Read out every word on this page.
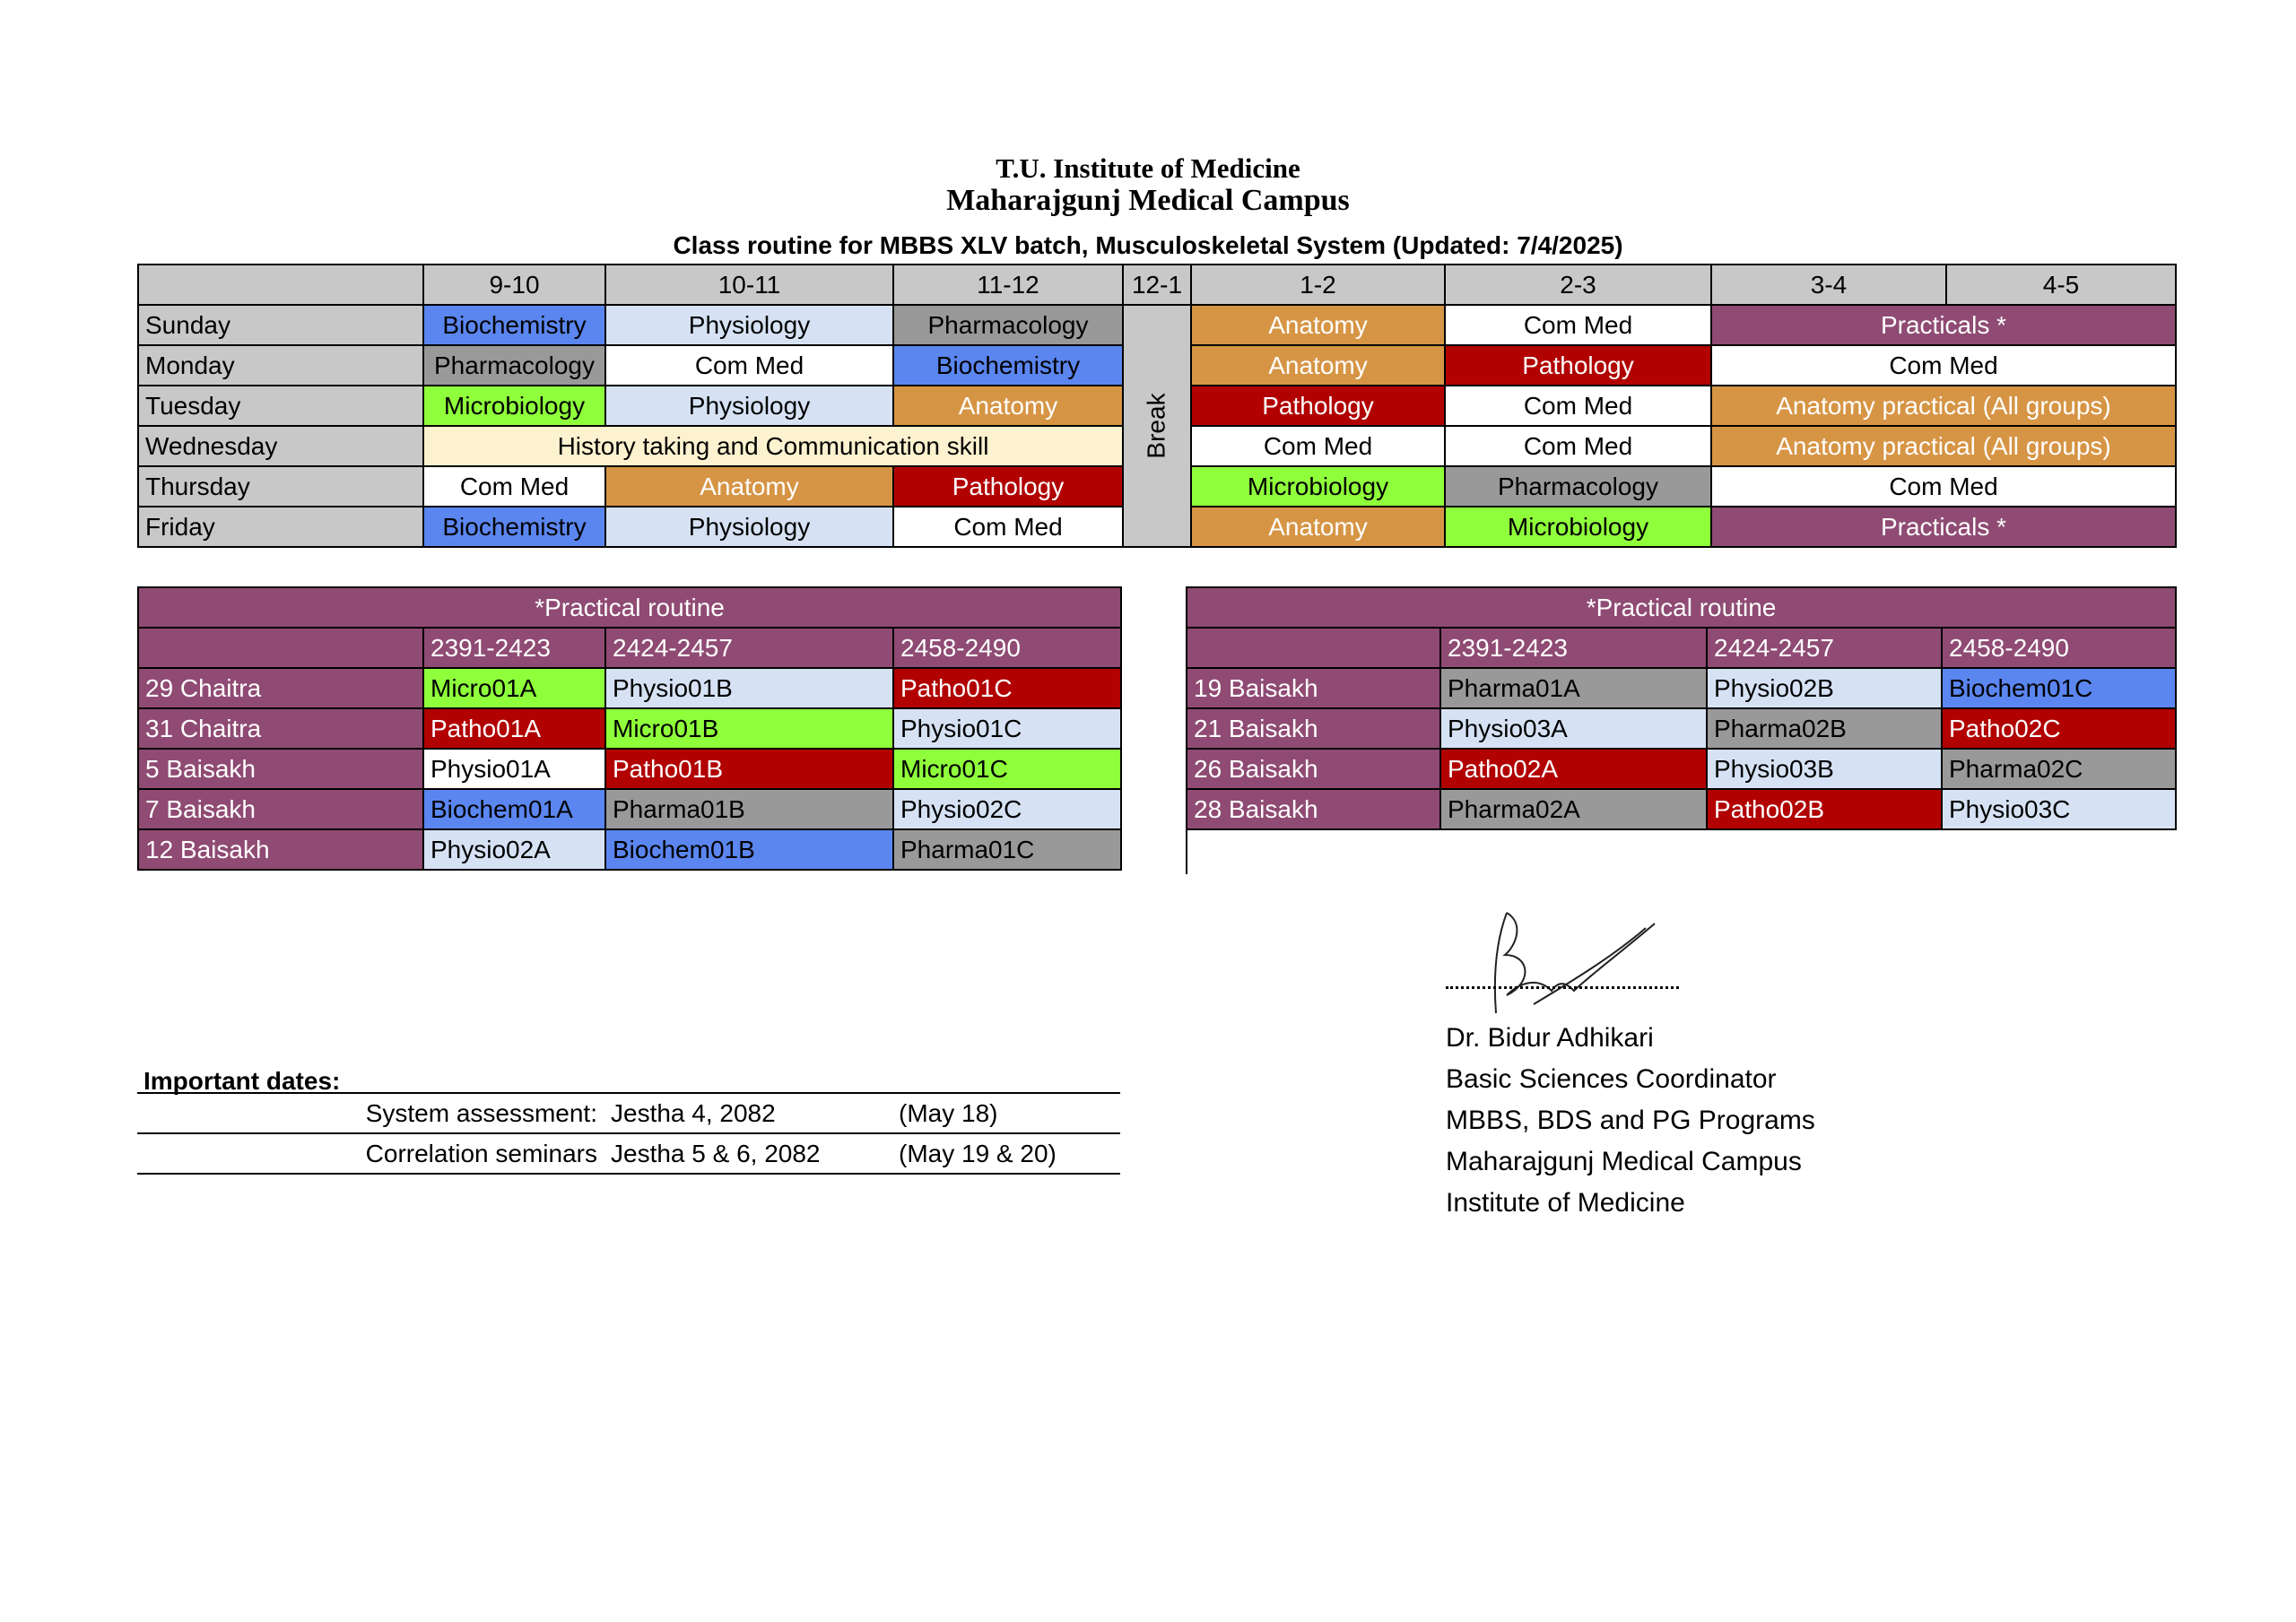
T.U. Institute of Medicine
Maharajgunj Medical Campus
Class routine for MBBS XLV batch, Musculoskeletal System (Updated: 7/4/2025)
	9-10	10-11	11-12	12-1	1-2	2-3	3-4	4-5
Sunday	Biochemistry	Physiology	Pharmacology	Break	Anatomy	Com Med	Practicals *	
Monday	Pharmacology	Com Med	Biochemistry		Anatomy	Pathology	Com Med	
Tuesday	Microbiology	Physiology	Anatomy		Pathology	Com Med	Anatomy practical (All groups)	
Wednesday	History taking and Communication skill				Com Med	Com Med	Anatomy practical (All groups)	
Thursday	Com Med	Anatomy	Pathology		Microbiology	Pharmacology	Com Med	
Friday	Biochemistry	Physiology	Com Med		Anatomy	Microbiology	Practicals *	
*Practical routine			
	2391-2423	2424-2457	2458-2490
29 Chaitra	Micro01A	Physio01B	Patho01C
31 Chaitra	Patho01A	Micro01B	Physio01C
5 Baisakh	Physio01A	Patho01B	Micro01C
7 Baisakh	Biochem01A	Pharma01B	Physio02C
12 Baisakh	Physio02A	Biochem01B	Pharma01C
*Practical routine			
	2391-2423	2424-2457	2458-2490
19 Baisakh	Pharma01A	Physio02B	Biochem01C
21 Baisakh	Physio03A	Pharma02B	Patho02C
26 Baisakh	Patho02A	Physio03B	Pharma02C
28 Baisakh	Pharma02A	Patho02B	Physio03C
Important dates:
System assessment:	Jestha 4, 2082	(May 18)
Correlation seminars	Jestha 5 & 6, 2082	(May 19 & 20)
Dr. Bidur Adhikari
Basic Sciences Coordinator
MBBS, BDS and PG Programs
Maharajgunj Medical Campus
Institute of Medicine
